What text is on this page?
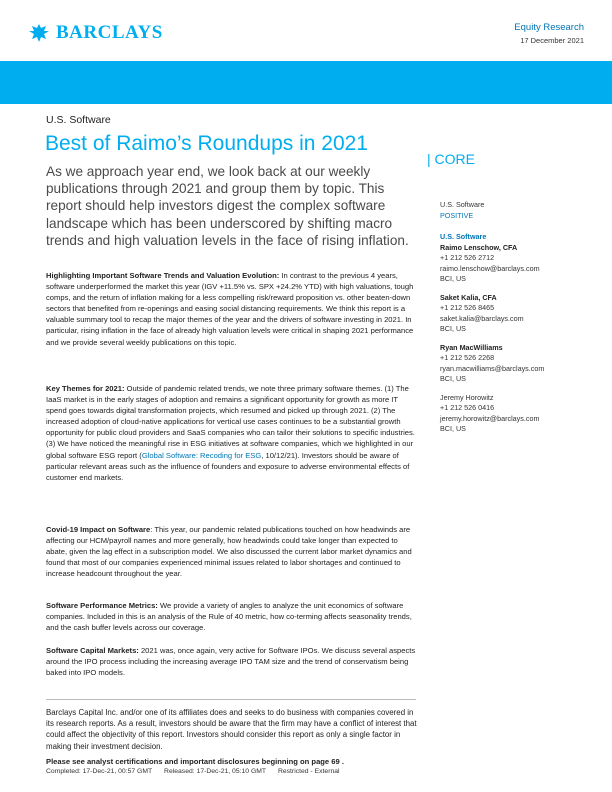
BARCLAYS	Equity Research
17 December 2021
U.S. Software
Best of Raimo’s Roundups in 2021
As we approach year end, we look back at our weekly publications through 2021 and group them by topic. This report should help investors digest the complex software landscape which has been underscored by shifting macro trends and high valuation levels in the face of rising inflation.
Highlighting Important Software Trends and Valuation Evolution: In contrast to the previous 4 years, software underperformed the market this year (IGV +11.5% vs. SPX +24.2% YTD) with high valuations, tough comps, and the return of inflation making for a less compelling risk/reward proposition vs. other beaten-down sectors that benefited from re-openings and easing social distancing requirements. We think this report is a valuable summary tool to recap the major themes of the year and the drivers of software investing in 2021. In particular, rising inflation in the face of already high valuation levels were critical in shaping 2021 performance and we provide several weekly publications on this topic.
Key Themes for 2021: Outside of pandemic related trends, we note three primary software themes. (1) The IaaS market is in the early stages of adoption and remains a significant opportunity for growth as more IT spend goes towards digital transformation projects, which resumed and picked up through 2021. (2) The increased adoption of cloud-native applications for vertical use cases continues to be a substantial growth opportunity for public cloud providers and SaaS companies who can tailor their solutions to specific industries. (3) We have noticed the meaningful rise in ESG initiatives at software companies, which we highlighted in our global software ESG report (Global Software: Recoding for ESG, 10/12/21). Investors should be aware of particular relevant areas such as the influence of founders and exposure to adverse environmental effects of customer end markets.
Covid-19 Impact on Software: This year, our pandemic related publications touched on how headwinds are affecting our HCM/payroll names and more generally, how headwinds could take longer than expected to abate, given the lag effect in a subscription model. We also discussed the current labor market dynamics and found that most of our companies experienced minimal issues related to labor shortages and continued to increase headcount throughout the year.
Software Performance Metrics: We provide a variety of angles to analyze the unit economics of software companies. Included in this is an analysis of the Rule of 40 metric, how co-terming affects seasonality trends, and the cash buffer levels across our coverage.
Software Capital Markets: 2021 was, once again, very active for Software IPOs. We discuss several aspects around the IPO process including the increasing average IPO TAM size and the trend of conservatism being baked into IPO models.
| CORE
U.S. Software
POSITIVE
U.S. Software
Raimo Lenschow, CFA
+1 212 526 2712
raimo.lenschow@barclays.com
BCI, US
Saket Kalia, CFA
+1 212 526 8465
saket.kalia@barclays.com
BCI, US
Ryan MacWilliams
+1 212 526 2268
ryan.macwilliams@barclays.com
BCI, US
Jeremy Horowitz
+1 212 526 0416
jeremy.horowitz@barclays.com
BCI, US
Barclays Capital Inc. and/or one of its affiliates does and seeks to do business with companies covered in its research reports. As a result, investors should be aware that the firm may have a conflict of interest that could affect the objectivity of this report. Investors should consider this report as only a single factor in making their investment decision.
Please see analyst certifications and important disclosures beginning on page 69 .
Completed: 17-Dec-21, 00:57 GMT Released: 17-Dec-21, 05:10 GMT Restricted - External
